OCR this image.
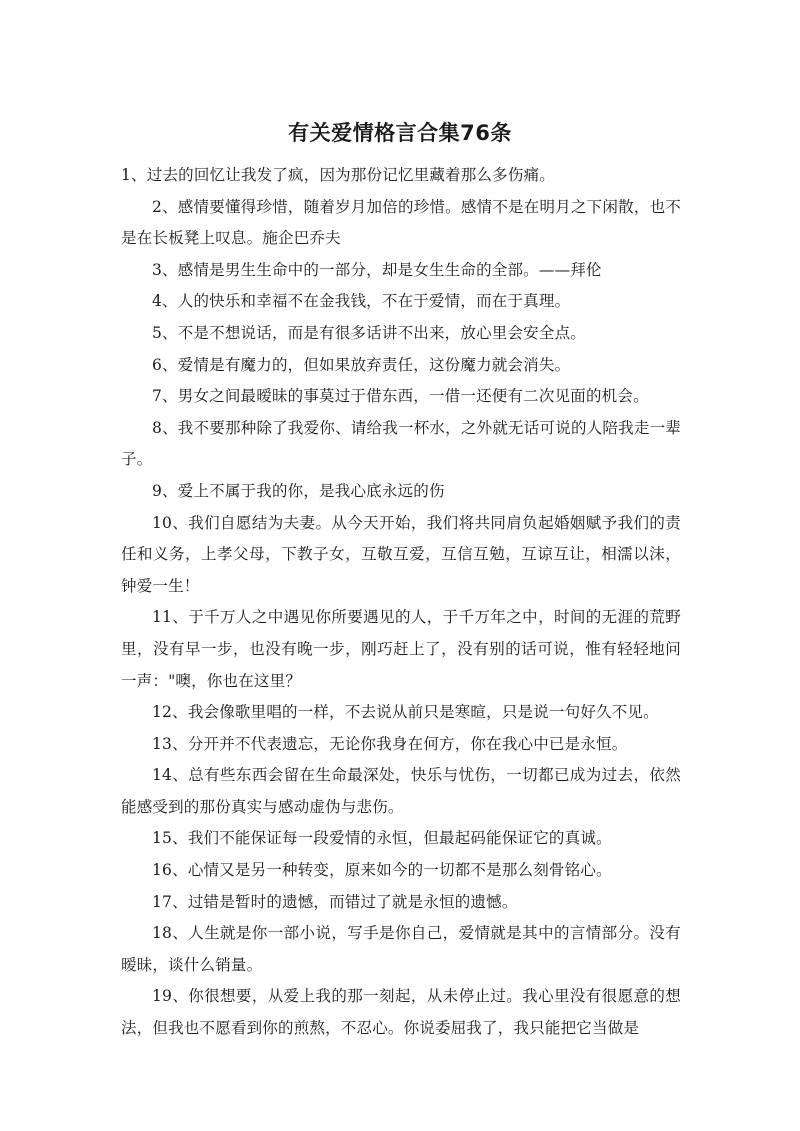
有关爱情格言合集76条

1、过去的回忆让我发了疯，因为那份记忆里藏着那么多伤痛。

2、感情要懂得珍惜，随着岁月加倍的珍惜。感情不是在明月之下闲散，也不是在长板凳上叹息。施企巴乔夫

3、感情是男生生命中的一部分，却是女生生命的全部。——拜伦

4、人的快乐和幸福不在金我钱，不在于爱情，而在于真理。

5、不是不想说话，而是有很多话讲不出来，放心里会安全点。

6、爱情是有魔力的，但如果放弃责任，这份魔力就会消失。

7、男女之间最暧昧的事莫过于借东西，一借一还便有二次见面的机会。

8、我不要那种除了我爱你、请给我一杯水，之外就无话可说的人陪我走一辈子。

9、爱上不属于我的你，是我心底永远的伤

10、我们自愿结为夫妻。从今天开始，我们将共同肩负起婚姻赋予我们的责任和义务，上孝父母，下教子女，互敬互爱，互信互勉，互谅互让，相濡以沫，钟爱一生！

11、于千万人之中遇见你所要遇见的人，于千万年之中，时间的无涯的荒野里，没有早一步，也没有晚一步，刚巧赶上了，没有别的话可说，惟有轻轻地问一声："噢，你也在这里？

12、我会像歌里唱的一样，不去说从前只是寒暄，只是说一句好久不见。

13、分开并不代表遗忘，无论你我身在何方，你在我心中已是永恒。

14、总有些东西会留在生命最深处，快乐与忧伤，一切都已成为过去，依然能感受到的那份真实与感动虚伪与悲伤。

15、我们不能保证每一段爱情的永恒，但最起码能保证它的真诚。

16、心情又是另一种转变，原来如今的一切都不是那么刻骨铭心。

17、过错是暂时的遗憾，而错过了就是永恒的遗憾。

18、人生就是你一部小说，写手是你自己，爱情就是其中的言情部分。没有暧昧，谈什么销量。

19、你很想要，从爱上我的那一刻起，从未停止过。我心里没有很愿意的想法，但我也不愿看到你的煎熬，不忍心。你说委屈我了，我只能把它当做是
